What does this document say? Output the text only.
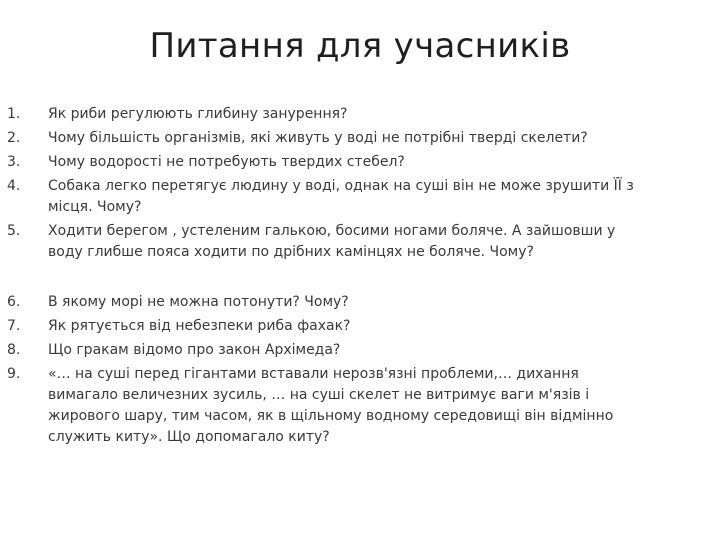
Питання для учасників
1. Як риби регулюють глибину занурення?
2. Чому більшість організмів, які живуть у воді не потрібні тверді скелети?
3. Чому водорості не потребують твердих стебел?
4. Собака легко перетягує людину у воді, однак на суші він не може зрушити ЇЇ з
місця. Чому?
5. Ходити берегом , устеленим галькою, босими ногами боляче. А зайшовши у
воду глибше пояса ходити по дрібних камінцях не боляче. Чому?
6. В якому морі не можна потонути? Чому?
7. Як рятується від небезпеки риба фахак?
8. Що гракам відомо про закон Архімеда?
9. «… на суші перед гігантами вставали нерозв'язні проблеми,… дихання
вимагало величезних зусиль, … на суші скелет не витримує ваги м'язів і
жирового шару, тим часом, як в щільному водному середовищі він відмінно
служить киту». Що допомагало киту?
